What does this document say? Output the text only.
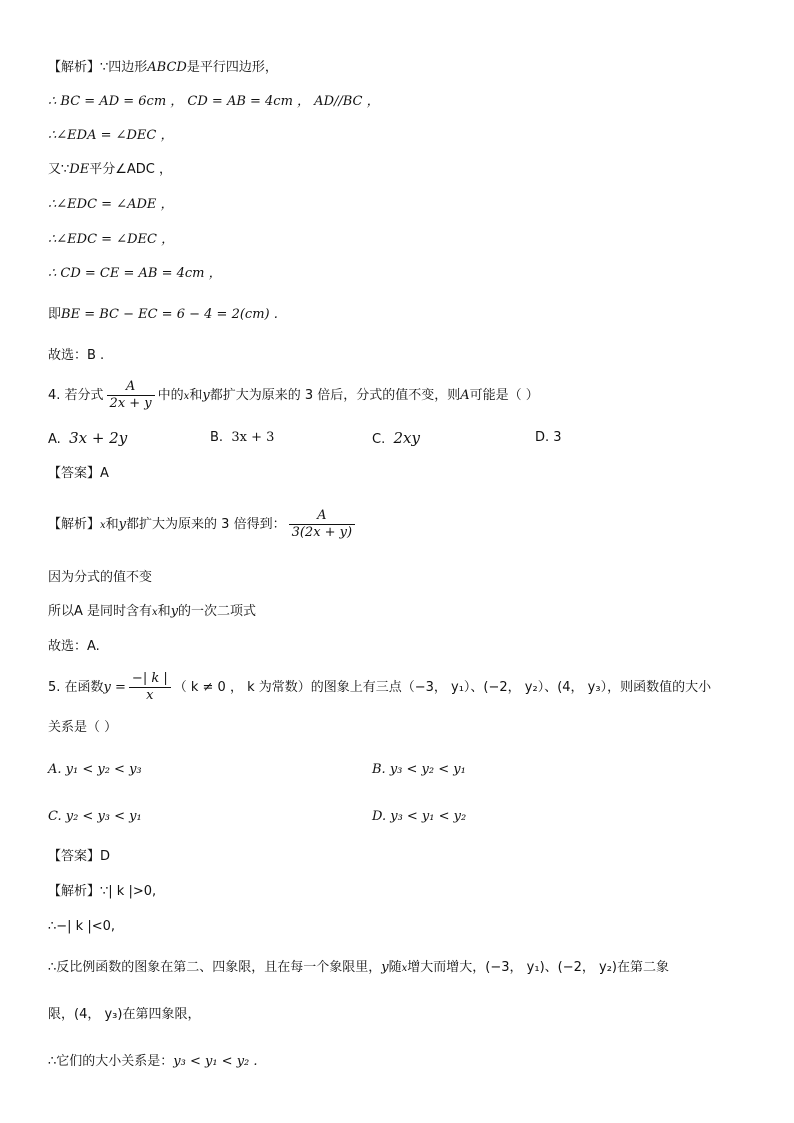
【解析】∵四边形ABCD是平行四边形，
∴ BC = AD = 6cm ， CD = AB = 4cm ， AD//BC ，
∴∠EDA = ∠DEC ，
又∵DE平分∠ADC ，
∴∠EDC = ∠ADE ，
∴∠EDC = ∠DEC ，
∴ CD = CE = AB = 4cm ，
即BE = BC − EC = 6 − 4 = 2(cm) .
故选：B .
4. 若分式 $\frac{A}{2x + y}$ 中的x和y都扩大为原来的 3 倍后，分式的值不变，则A可能是（ ）
A. 3x + 2y	B. 3x + 3	C. 2xy	D. 3
【答案】A
【解析】x和y都扩大为原来的 3 倍得到： $\frac{A}{3(2x + y)}$
因为分式的值不变
所以A 是同时含有x和y的一次二项式
故选：A.
5. 在函数$y = \frac{-| k |}{x}$ （ k ≠ 0 ， k 为常数）的图象上有三点（−3， y₁）、(−2， y₂）、(4， y₃），则函数值的大小
关系是（ ）
A. y₁ < y₂ < y₃	B. y₃ < y₂ < y₁
C. y₂ < y₃ < y₁	D. y₃ < y₁ < y₂
【答案】D
【解析】∵| k |>0,
∴−| k |<0,
∴反比例函数的图象在第二、四象限，且在每一个象限里，y随x增大而增大，(−3， y₁)、(−2， y₂)在第二象
限，(4， y₃)在第四象限，
∴它们的大小关系是：y₃ < y₁ < y₂ .
